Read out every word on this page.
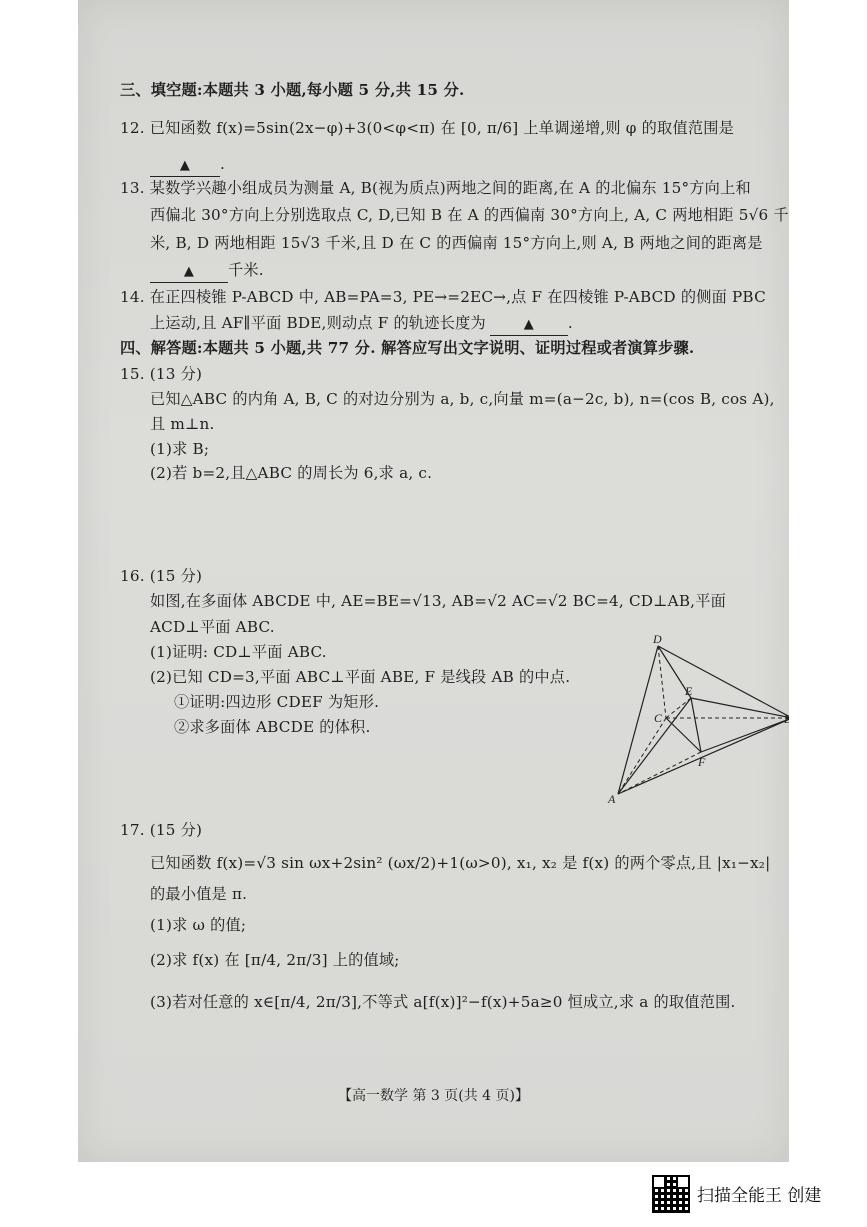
三、填空题:本题共 3 小题,每小题 5 分,共 15 分.
12. 已知函数 f(x)=5sin(2x−φ)+3(0<φ<π) 在 [0, π/6] 上单调递增,则 φ 的取值范围是
▲ .
13. 某数学兴趣小组成员为测量 A, B(视为质点)两地之间的距离,在 A 的北偏东 15°方向上和
西偏北 30°方向上分别选取点 C, D,已知 B 在 A 的西偏南 30°方向上, A, C 两地相距 5√6 千
米, B, D 两地相距 15√3 千米,且 D 在 C 的西偏南 15°方向上,则 A, B 两地之间的距离是
▲ 千米.
14. 在正四棱锥 P-ABCD 中, AB=PA=3, PE→=2EC→,点 F 在四棱锥 P-ABCD 的侧面 PBC
上运动,且 AF∥平面 BDE,则动点 F 的轨迹长度为	▲ .
四、解答题:本题共 5 小题,共 77 分. 解答应写出文字说明、证明过程或者演算步骤.
15. (13 分)
已知△ABC 的内角 A, B, C 的对边分别为 a, b, c,向量 m=(a−2c, b), n=(cos B, cos A),
且 m⊥n.
(1)求 B;
(2)若 b=2,且△ABC 的周长为 6,求 a, c.
16. (15 分)
如图,在多面体 ABCDE 中, AE=BE=√13, AB=√2 AC=√2 BC=4, CD⊥AB,平面
ACD⊥平面 ABC.
(1)证明: CD⊥平面 ABC.
(2)已知 CD=3,平面 ABC⊥平面 ABE, F 是线段 AB 的中点.
①证明:四边形 CDEF 为矩形.
②求多面体 ABCDE 的体积.
D
E
C	B
F
A
17. (15 分)
已知函数 f(x)=√3 sin ωx+2sin² (ωx/2)+1(ω>0), x₁, x₂ 是 f(x) 的两个零点,且 |x₁−x₂|
的最小值是 π.
(1)求 ω 的值;
(2)求 f(x) 在 [π/4, 2π/3] 上的值域;
(3)若对任意的 x∈[π/4, 2π/3],不等式 a[f(x)]²−f(x)+5a≥0 恒成立,求 a 的取值范围.
【高一数学 第 3 页(共 4 页)】
扫描全能王 创建
